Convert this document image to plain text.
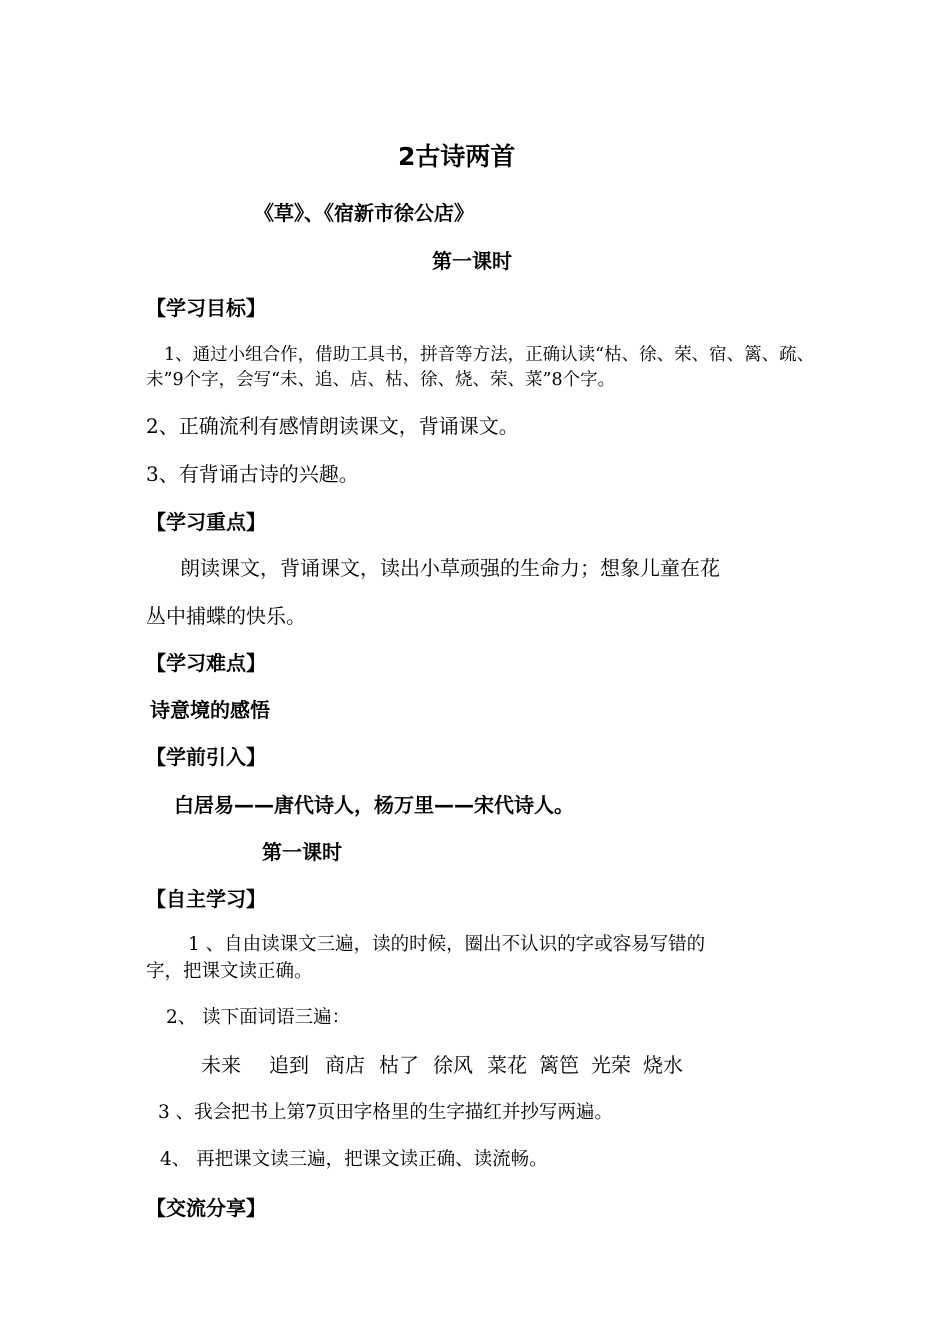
2古诗两首
《草》、《宿新市徐公店》
第一课时
【学习目标】
1、通过小组合作，借助工具书，拼音等方法，正确认读“枯、徐、荣、宿、篱、疏、
未”9个字，会写“未、追、店、枯、徐、烧、荣、菜”8个字。
2、正确流利有感情朗读课文，背诵课文。
3、有背诵古诗的兴趣。
【学习重点】
朗读课文，背诵课文，读出小草顽强的生命力；想象儿童在花
丛中捕蝶的快乐。
【学习难点】
诗意境的感悟
【学前引入】
白居易——唐代诗人，杨万里——宋代诗人。
第一课时
【自主学习】
1 、自由读课文三遍，读的时候，圈出不认识的字或容易写错的
字，把课文读正确。
2、 读下面词语三遍：
未来 追到 商店 枯了 徐风 菜花 篱笆 光荣 烧水
3 、我会把书上第7页田字格里的生字描红并抄写两遍。
4、 再把课文读三遍，把课文读正确、读流畅。
【交流分享】
